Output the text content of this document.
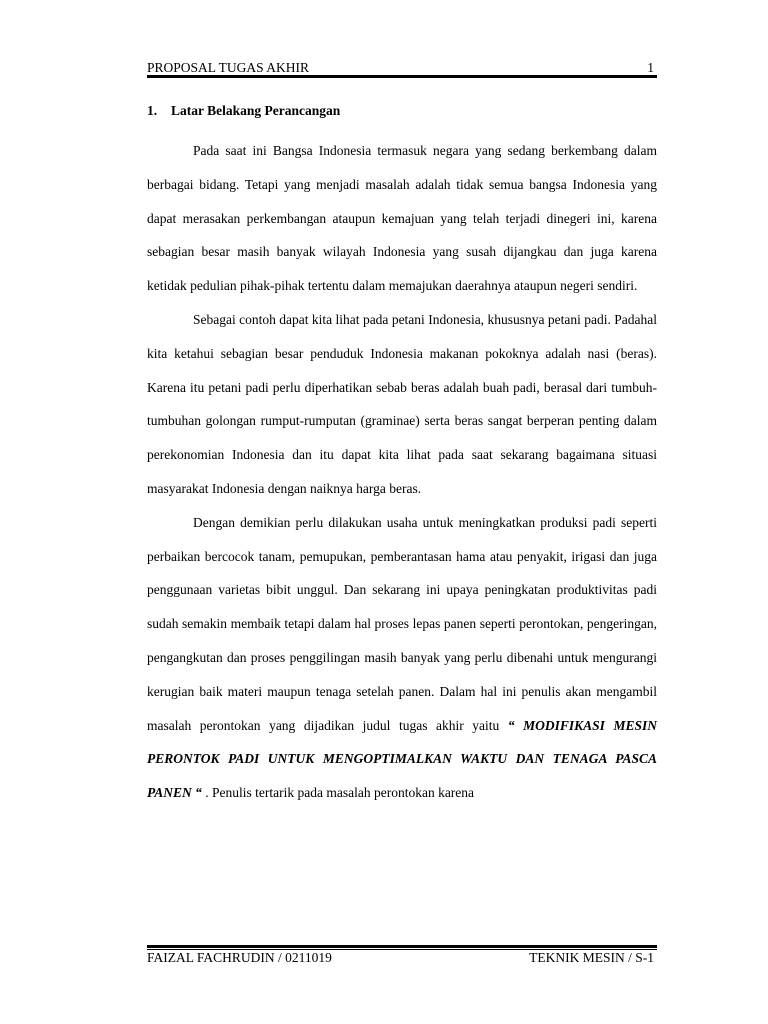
PROPOSAL TUGAS AKHIR	1
1. Latar Belakang Perancangan

Pada saat ini Bangsa Indonesia termasuk negara yang sedang berkembang dalam berbagai bidang. Tetapi yang menjadi masalah adalah tidak semua bangsa Indonesia yang dapat merasakan perkembangan ataupun kemajuan yang telah terjadi dinegeri ini, karena sebagian besar masih banyak wilayah Indonesia yang susah dijangkau dan juga karena ketidak pedulian pihak-pihak tertentu dalam memajukan daerahnya ataupun negeri sendiri.

Sebagai contoh dapat kita lihat pada petani Indonesia, khususnya petani padi. Padahal kita ketahui sebagian besar penduduk Indonesia makanan pokoknya adalah nasi (beras). Karena itu petani padi perlu diperhatikan sebab beras adalah buah padi, berasal dari tumbuh-tumbuhan golongan rumput-rumputan (graminae) serta beras sangat berperan penting dalam perekonomian Indonesia dan itu dapat kita lihat pada saat sekarang bagaimana situasi masyarakat Indonesia dengan naiknya harga beras.

Dengan demikian perlu dilakukan usaha untuk meningkatkan produksi padi seperti perbaikan bercocok tanam, pemupukan, pemberantasan hama atau penyakit, irigasi dan juga penggunaan varietas bibit unggul. Dan sekarang ini upaya peningkatan produktivitas padi sudah semakin membaik tetapi dalam hal proses lepas panen seperti perontokan, pengeringan, pengangkutan dan proses penggilingan masih banyak yang perlu dibenahi untuk mengurangi kerugian baik materi maupun tenaga setelah panen. Dalam hal ini penulis akan mengambil masalah perontokan yang dijadikan judul tugas akhir yaitu “ MODIFIKASI MESIN PERONTOK PADI UNTUK MENGOPTIMALKAN WAKTU DAN TENAGA PASCA PANEN “ . Penulis tertarik pada masalah perontokan karena

FAIZAL FACHRUDIN / 0211019	TEKNIK MESIN / S-1
